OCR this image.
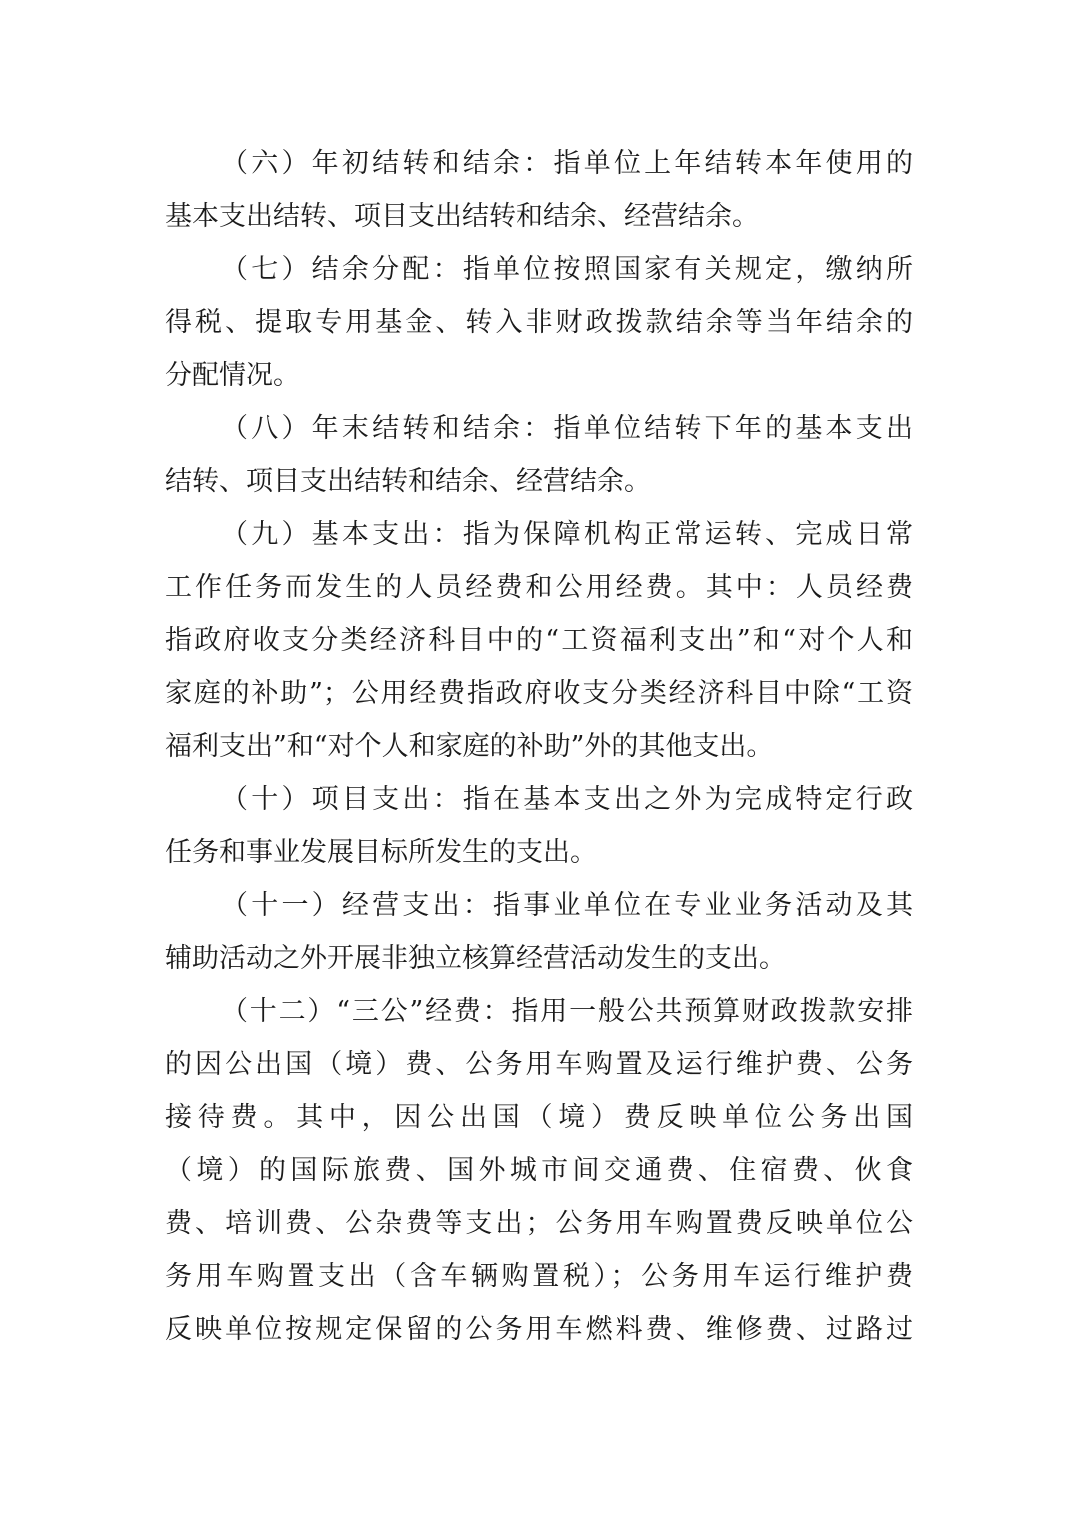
（六）年初结转和结余：指单位上年结转本年使用的
基本支出结转、项目支出结转和结余、经营结余。
（七）结余分配：指单位按照国家有关规定，缴纳所
得税、提取专用基金、转入非财政拨款结余等当年结余的
分配情况。
（八）年末结转和结余：指单位结转下年的基本支出
结转、项目支出结转和结余、经营结余。
（九）基本支出：指为保障机构正常运转、完成日常
工作任务而发生的人员经费和公用经费。其中：人员经费
指政府收支分类经济科目中的“工资福利支出”和“对个人和
家庭的补助”；公用经费指政府收支分类经济科目中除“工资
福利支出”和“对个人和家庭的补助”外的其他支出。
（十）项目支出：指在基本支出之外为完成特定行政
任务和事业发展目标所发生的支出。
（十一）经营支出：指事业单位在专业业务活动及其
辅助活动之外开展非独立核算经营活动发生的支出。
（十二）“三公”经费：指用一般公共预算财政拨款安排
的因公出国（境）费、公务用车购置及运行维护费、公务
接待费。其中，因公出国（境）费反映单位公务出国
（境）的国际旅费、国外城市间交通费、住宿费、伙食
费、培训费、公杂费等支出；公务用车购置费反映单位公
务用车购置支出（含车辆购置税）；公务用车运行维护费
反映单位按规定保留的公务用车燃料费、维修费、过路过
